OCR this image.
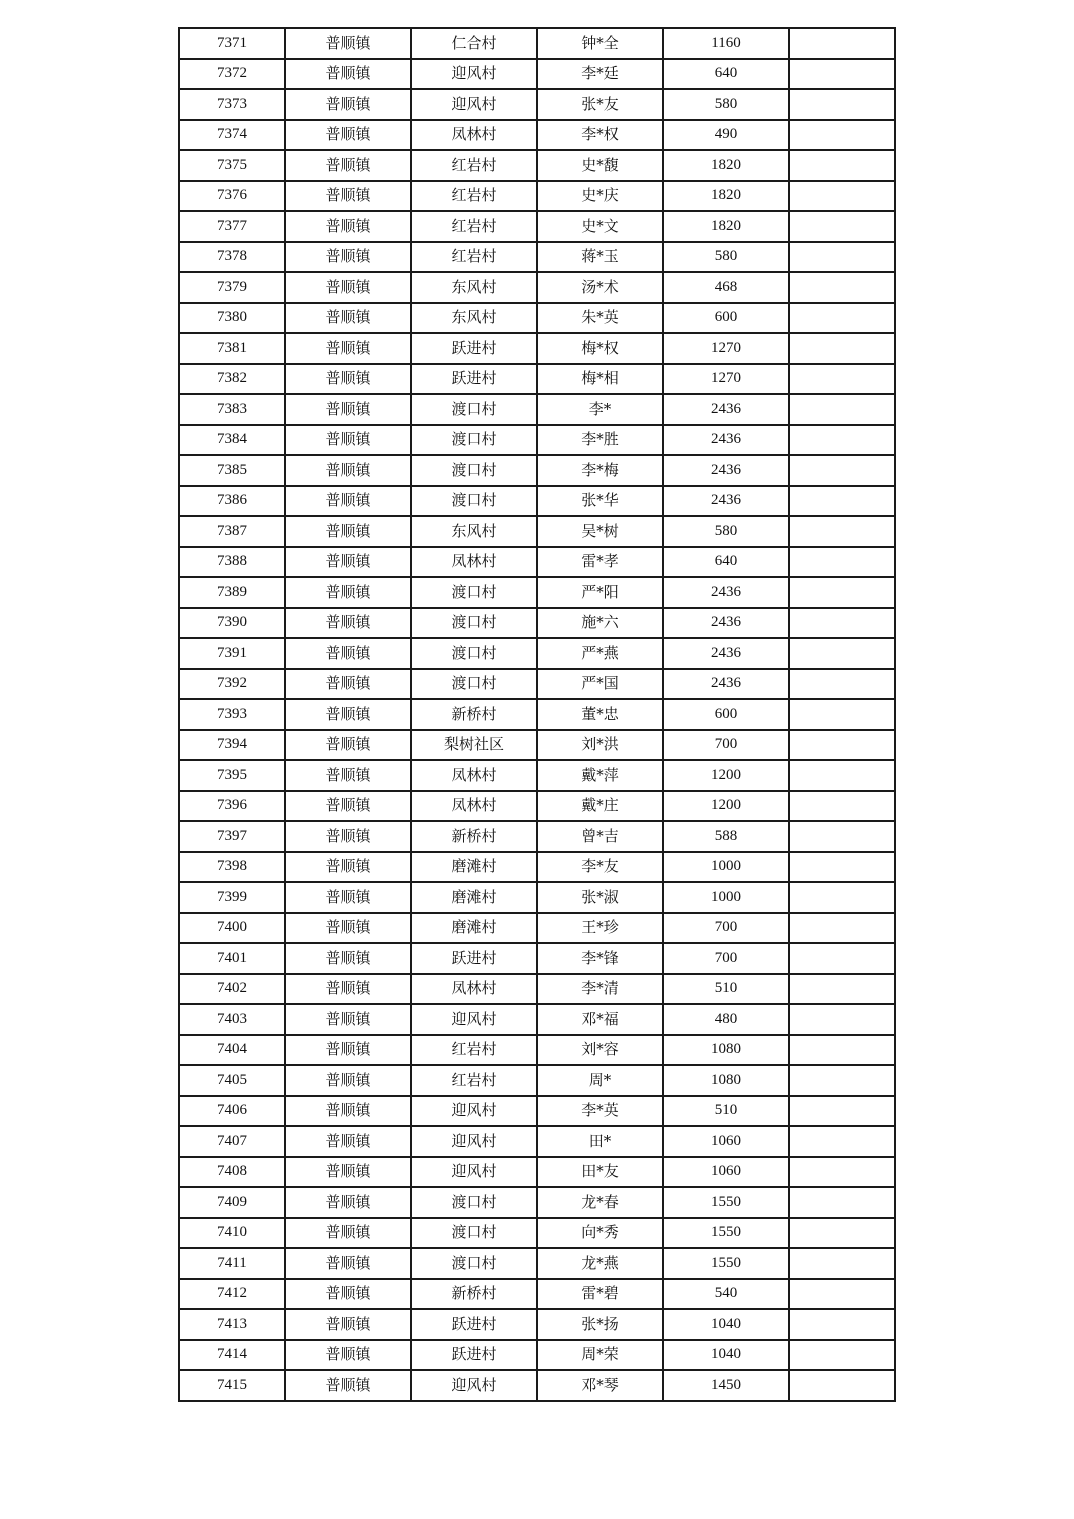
7371	普顺镇	仁合村	钟*全	1160	
7372	普顺镇	迎风村	李*廷	640	
7373	普顺镇	迎风村	张*友	580	
7374	普顺镇	凤林村	李*权	490	
7375	普顺镇	红岩村	史*馥	1820	
7376	普顺镇	红岩村	史*庆	1820	
7377	普顺镇	红岩村	史*文	1820	
7378	普顺镇	红岩村	蒋*玉	580	
7379	普顺镇	东风村	汤*术	468	
7380	普顺镇	东风村	朱*英	600	
7381	普顺镇	跃进村	梅*权	1270	
7382	普顺镇	跃进村	梅*相	1270	
7383	普顺镇	渡口村	李*	2436	
7384	普顺镇	渡口村	李*胜	2436	
7385	普顺镇	渡口村	李*梅	2436	
7386	普顺镇	渡口村	张*华	2436	
7387	普顺镇	东风村	吴*树	580	
7388	普顺镇	凤林村	雷*孝	640	
7389	普顺镇	渡口村	严*阳	2436	
7390	普顺镇	渡口村	施*六	2436	
7391	普顺镇	渡口村	严*燕	2436	
7392	普顺镇	渡口村	严*国	2436	
7393	普顺镇	新桥村	董*忠	600	
7394	普顺镇	梨树社区	刘*洪	700	
7395	普顺镇	凤林村	戴*萍	1200	
7396	普顺镇	凤林村	戴*庄	1200	
7397	普顺镇	新桥村	曾*吉	588	
7398	普顺镇	磨滩村	李*友	1000	
7399	普顺镇	磨滩村	张*淑	1000	
7400	普顺镇	磨滩村	王*珍	700	
7401	普顺镇	跃进村	李*锋	700	
7402	普顺镇	凤林村	李*清	510	
7403	普顺镇	迎风村	邓*福	480	
7404	普顺镇	红岩村	刘*容	1080	
7405	普顺镇	红岩村	周*	1080	
7406	普顺镇	迎风村	李*英	510	
7407	普顺镇	迎风村	田*	1060	
7408	普顺镇	迎风村	田*友	1060	
7409	普顺镇	渡口村	龙*春	1550	
7410	普顺镇	渡口村	向*秀	1550	
7411	普顺镇	渡口村	龙*燕	1550	
7412	普顺镇	新桥村	雷*碧	540	
7413	普顺镇	跃进村	张*扬	1040	
7414	普顺镇	跃进村	周*荣	1040	
7415	普顺镇	迎风村	邓*琴	1450	
